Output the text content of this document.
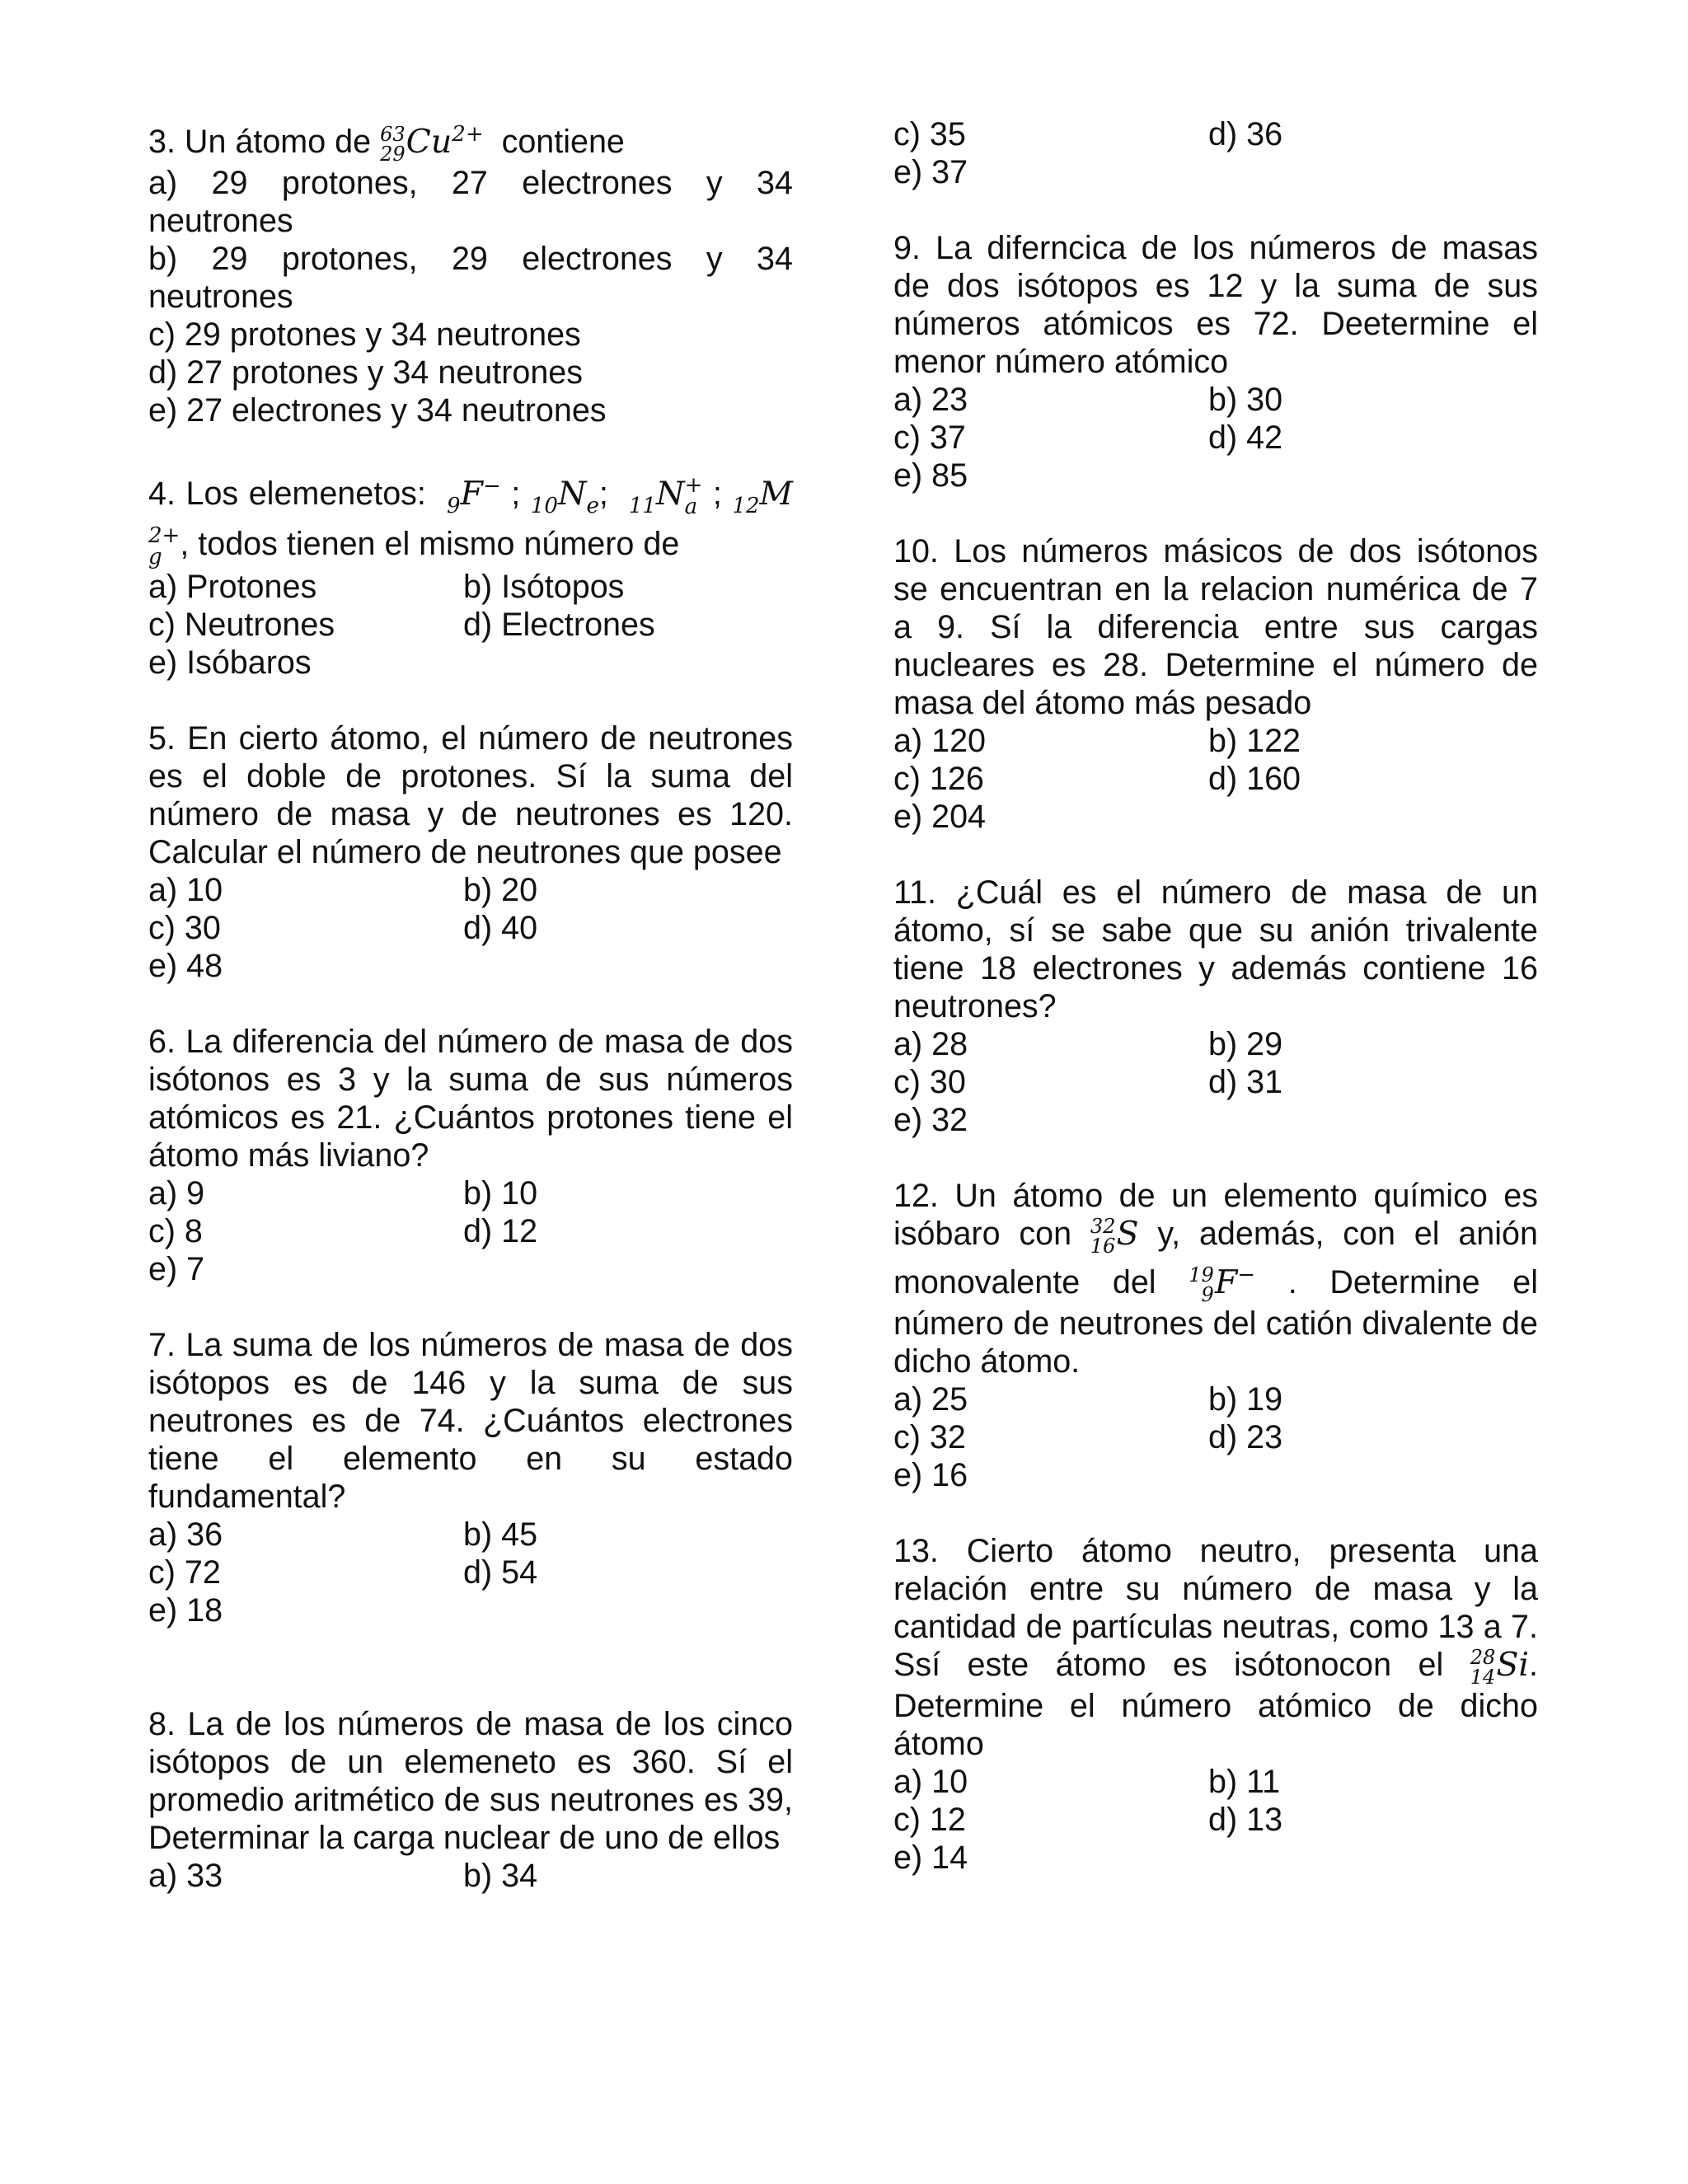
3. Un átomo de 63
29 $Cu^{2+}$ contiene
a) 29 protones, 27 electrones y 34 neutrones
b) 29 protones, 29 electrones y 34 neutrones
c) 29 protones y 34 neutrones
d) 27 protones y 34 neutrones
e) 27 electrones y 34 neutrones
4. Los elemenetos: $_9$F− ; $_{10}N_e$;  $_{11}$N +
a ; $_{12}$M
2+
g , todos tienen el mismo número de
a) Protones	b) Isótopos
c) Neutrones	d) Electrones
e) Isóbaros
5. En cierto átomo, el número de neutrones es el doble de protones. Sí la suma del número de masa y de neutrones es 120. Calcular el número de neutrones que posee
a) 10	b) 20
c) 30	d) 40
e) 48
6. La diferencia del número de masa de dos isótonos es 3 y la suma de sus números atómicos es 21. ¿Cuántos protones tiene el átomo más liviano?
a) 9	b) 10
c) 8	d) 12
e) 7
7. La suma de los números de masa de dos isótopos es de 146 y la suma de sus neutrones es de 74. ¿Cuántos electrones tiene el elemento en su estado fundamental?
a) 36	b) 45
c) 72	d) 54
e) 18
8. La de los números de masa de los cinco isótopos de un elemeneto es 360. Sí el promedio aritmético de sus neutrones es 39, Determinar la carga nuclear de uno de ellos
a) 33	b) 34
c) 35	d) 36
e) 37
9. La diferncica de los números de masas de dos isótopos es 12 y la suma de sus números atómicos es 72. Deetermine el menor número atómico
a) 23	b) 30
c) 37	d) 42
e) 85
10. Los números másicos de dos isótonos se encuentran en la relacion numérica de 7 a 9. Sí la diferencia entre sus cargas nucleares es 28. Determine el número de masa del átomo más pesado
a) 120	b) 122
c) 126	d) 160
e) 204
11. ¿Cuál es el número de masa de un átomo, sí se sabe que su anión trivalente tiene 18 electrones y además contiene 16 neutrones?
a) 28	b) 29
c) 30	d) 31
e) 32
12. Un átomo de un elemento químico es isóbaro con 32
16 S y, además, con el anión monovalente del 19
9 F− . Determine el número de neutrones del catión divalente de dicho átomo.
a) 25	b) 19
c) 32	d) 23
e) 16
13. Cierto átomo neutro, presenta una relación entre su número de masa y la cantidad de partículas neutras, como 13 a 7. Ssí este átomo es isótonocon el 28
14 Si. Determine el número atómico de dicho átomo
a) 10	b) 11
c) 12	d) 13
e) 14
